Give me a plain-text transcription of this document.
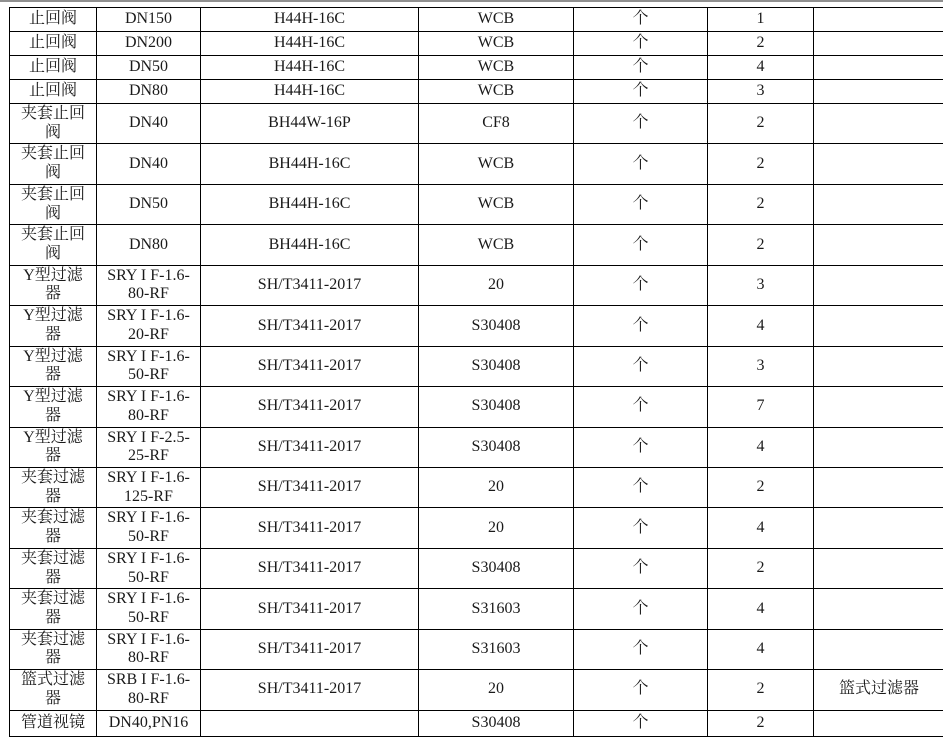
止回阀	DN150	H44H-16C	WCB	个	1	
止回阀	DN200	H44H-16C	WCB	个	2	
止回阀	DN50	H44H-16C	WCB	个	4	
止回阀	DN80	H44H-16C	WCB	个	3	
夹套止回阀	DN40	BH44W-16P	CF8	个	2	
夹套止回阀	DN40	BH44H-16C	WCB	个	2	
夹套止回阀	DN50	BH44H-16C	WCB	个	2	
夹套止回阀	DN80	BH44H-16C	WCB	个	2	
Y型过滤器	SRY I F-1.6-80-RF	SH/T3411-2017	20	个	3	
Y型过滤器	SRY I F-1.6-20-RF	SH/T3411-2017	S30408	个	4	
Y型过滤器	SRY I F-1.6-50-RF	SH/T3411-2017	S30408	个	3	
Y型过滤器	SRY I F-1.6-80-RF	SH/T3411-2017	S30408	个	7	
Y型过滤器	SRY I F-2.5-25-RF	SH/T3411-2017	S30408	个	4	
夹套过滤器	SRY I F-1.6-125-RF	SH/T3411-2017	20	个	2	
夹套过滤器	SRY I F-1.6-50-RF	SH/T3411-2017	20	个	4	
夹套过滤器	SRY I F-1.6-50-RF	SH/T3411-2017	S30408	个	2	
夹套过滤器	SRY I F-1.6-50-RF	SH/T3411-2017	S31603	个	4	
夹套过滤器	SRY I F-1.6-80-RF	SH/T3411-2017	S31603	个	4	
篮式过滤器	SRB I F-1.6-80-RF	SH/T3411-2017	20	个	2	篮式过滤器
管道视镜	DN40,PN16		S30408	个	2	
